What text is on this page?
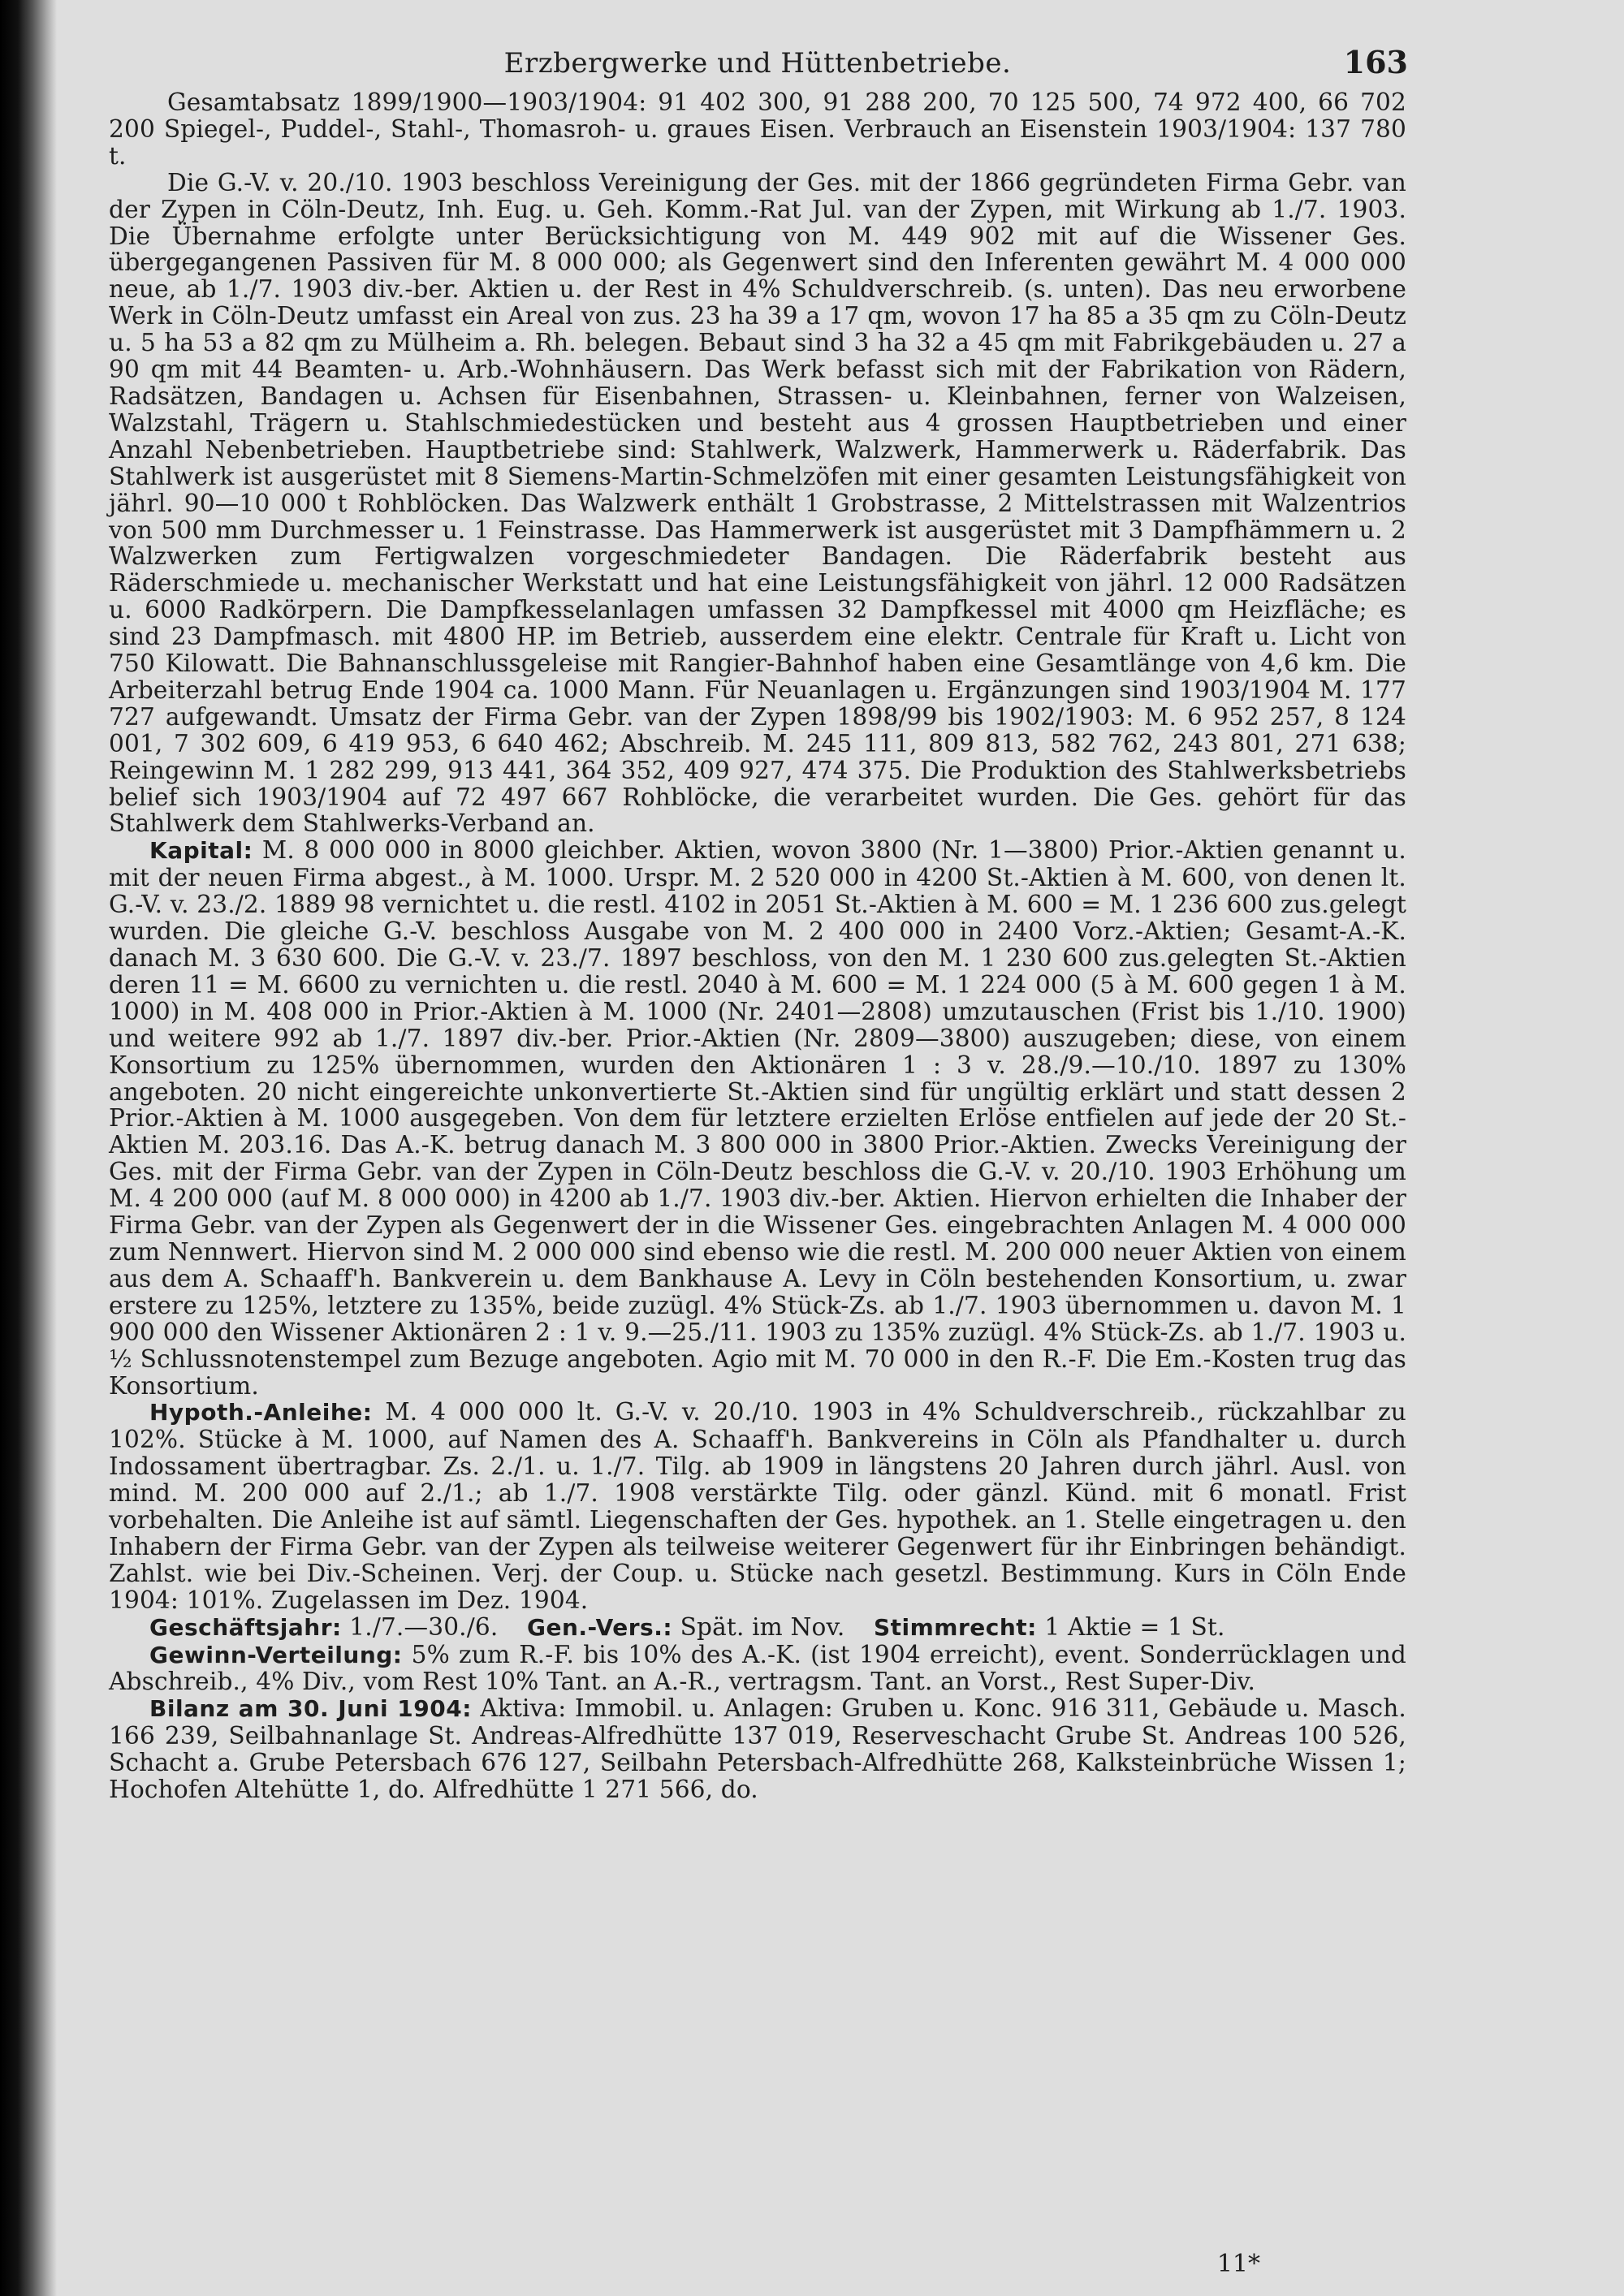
Erzbergwerke und Hüttenbetriebe.	163

Gesamtabsatz 1899/1900—1903/1904: 91 402 300, 91 288 200, 70 125 500, 74 972 400, 66 702 200 Spiegel-, Puddel-, Stahl-, Thomasroh- u. graues Eisen. Verbrauch an Eisenstein 1903/1904: 137 780 t.

Die G.-V. v. 20./10. 1903 beschloss Vereinigung der Ges. mit der 1866 gegründeten Firma Gebr. van der Zypen in Cöln-Deutz, Inh. Eug. u. Geh. Komm.-Rat Jul. van der Zypen, mit Wirkung ab 1./7. 1903. Die Übernahme erfolgte unter Berücksichtigung von M. 449 902 mit auf die Wissener Ges. übergegangenen Passiven für M. 8 000 000; als Gegenwert sind den Inferenten gewährt M. 4 000 000 neue, ab 1./7. 1903 div.-ber. Aktien u. der Rest in 4% Schuldverschreib. (s. unten). Das neu erworbene Werk in Cöln-Deutz umfasst ein Areal von zus. 23 ha 39 a 17 qm, wovon 17 ha 85 a 35 qm zu Cöln-Deutz u. 5 ha 53 a 82 qm zu Mülheim a. Rh. belegen. Bebaut sind 3 ha 32 a 45 qm mit Fabrikgebäuden u. 27 a 90 qm mit 44 Beamten- u. Arb.-Wohnhäusern. Das Werk befasst sich mit der Fabrikation von Rädern, Radsätzen, Bandagen u. Achsen für Eisenbahnen, Strassen- u. Kleinbahnen, ferner von Walzeisen, Walzstahl, Trägern u. Stahlschmiedestücken und besteht aus 4 grossen Hauptbetrieben und einer Anzahl Nebenbetrieben. Hauptbetriebe sind: Stahlwerk, Walzwerk, Hammerwerk u. Räderfabrik. Das Stahlwerk ist ausgerüstet mit 8 Siemens-Martin-Schmelzöfen mit einer gesamten Leistungsfähigkeit von jährl. 90—10 000 t Rohblöcken. Das Walzwerk enthält 1 Grobstrasse, 2 Mittelstrassen mit Walzentrios von 500 mm Durchmesser u. 1 Feinstrasse. Das Hammerwerk ist ausgerüstet mit 3 Dampfhämmern u. 2 Walzwerken zum Fertigwalzen vorgeschmiedeter Bandagen. Die Räderfabrik besteht aus Räderschmiede u. mechanischer Werkstatt und hat eine Leistungsfähigkeit von jährl. 12 000 Radsätzen u. 6000 Radkörpern. Die Dampfkesselanlagen umfassen 32 Dampfkessel mit 4000 qm Heizfläche; es sind 23 Dampfmasch. mit 4800 HP. im Betrieb, ausserdem eine elektr. Centrale für Kraft u. Licht von 750 Kilowatt. Die Bahnanschlussgeleise mit Rangier-Bahnhof haben eine Gesamtlänge von 4,6 km. Die Arbeiterzahl betrug Ende 1904 ca. 1000 Mann. Für Neuanlagen u. Ergänzungen sind 1903/1904 M. 177 727 aufgewandt. Umsatz der Firma Gebr. van der Zypen 1898/99 bis 1902/1903: M. 6 952 257, 8 124 001, 7 302 609, 6 419 953, 6 640 462; Abschreib. M. 245 111, 809 813, 582 762, 243 801, 271 638; Reingewinn M. 1 282 299, 913 441, 364 352, 409 927, 474 375. Die Produktion des Stahlwerksbetriebs belief sich 1903/1904 auf 72 497 667 Rohblöcke, die verarbeitet wurden. Die Ges. gehört für das Stahlwerk dem Stahlwerks-Verband an.

Kapital: M. 8 000 000 in 8000 gleichber. Aktien, wovon 3800 (Nr. 1—3800) Prior.-Aktien genannt u. mit der neuen Firma abgest., à M. 1000. Urspr. M. 2 520 000 in 4200 St.-Aktien à M. 600, von denen lt. G.-V. v. 23./2. 1889 98 vernichtet u. die restl. 4102 in 2051 St.-Aktien à M. 600 = M. 1 236 600 zus.gelegt wurden. Die gleiche G.-V. beschloss Ausgabe von M. 2 400 000 in 2400 Vorz.-Aktien; Gesamt-A.-K. danach M. 3 630 600. Die G.-V. v. 23./7. 1897 beschloss, von den M. 1 230 600 zus.gelegten St.-Aktien deren 11 = M. 6600 zu vernichten u. die restl. 2040 à M. 600 = M. 1 224 000 (5 à M. 600 gegen 1 à M. 1000) in M. 408 000 in Prior.-Aktien à M. 1000 (Nr. 2401—2808) umzutauschen (Frist bis 1./10. 1900) und weitere 992 ab 1./7. 1897 div.-ber. Prior.-Aktien (Nr. 2809—3800) auszugeben; diese, von einem Konsortium zu 125% übernommen, wurden den Aktionären 1 : 3 v. 28./9.—10./10. 1897 zu 130% angeboten. 20 nicht eingereichte unkonvertierte St.-Aktien sind für ungültig erklärt und statt dessen 2 Prior.-Aktien à M. 1000 ausgegeben. Von dem für letztere erzielten Erlöse entfielen auf jede der 20 St.-Aktien M. 203.16. Das A.-K. betrug danach M. 3 800 000 in 3800 Prior.-Aktien. Zwecks Vereinigung der Ges. mit der Firma Gebr. van der Zypen in Cöln-Deutz beschloss die G.-V. v. 20./10. 1903 Erhöhung um M. 4 200 000 (auf M. 8 000 000) in 4200 ab 1./7. 1903 div.-ber. Aktien. Hiervon erhielten die Inhaber der Firma Gebr. van der Zypen als Gegenwert der in die Wissener Ges. eingebrachten Anlagen M. 4 000 000 zum Nennwert. Hiervon sind M. 2 000 000 sind ebenso wie die restl. M. 200 000 neuer Aktien von einem aus dem A. Schaaff'h. Bankverein u. dem Bankhause A. Levy in Cöln bestehenden Konsortium, u. zwar erstere zu 125%, letztere zu 135%, beide zuzügl. 4% Stück-Zs. ab 1./7. 1903 übernommen u. davon M. 1 900 000 den Wissener Aktionären 2 : 1 v. 9.—25./11. 1903 zu 135% zuzügl. 4% Stück-Zs. ab 1./7. 1903 u. ½ Schlussnotenstempel zum Bezuge angeboten. Agio mit M. 70 000 in den R.-F. Die Em.-Kosten trug das Konsortium.

Hypoth.-Anleihe: M. 4 000 000 lt. G.-V. v. 20./10. 1903 in 4% Schuldverschreib., rückzahlbar zu 102%. Stücke à M. 1000, auf Namen des A. Schaaff'h. Bankvereins in Cöln als Pfandhalter u. durch Indossament übertragbar. Zs. 2./1. u. 1./7. Tilg. ab 1909 in längstens 20 Jahren durch jährl. Ausl. von mind. M. 200 000 auf 2./1.; ab 1./7. 1908 verstärkte Tilg. oder gänzl. Künd. mit 6 monatl. Frist vorbehalten. Die Anleihe ist auf sämtl. Liegenschaften der Ges. hypothek. an 1. Stelle eingetragen u. den Inhabern der Firma Gebr. van der Zypen als teilweise weiterer Gegenwert für ihr Einbringen behändigt. Zahlst. wie bei Div.-Scheinen. Verj. der Coup. u. Stücke nach gesetzl. Bestimmung. Kurs in Cöln Ende 1904: 101%. Zugelassen im Dez. 1904.

Geschäftsjahr: 1./7.—30./6. Gen.-Vers.: Spät. im Nov. Stimmrecht: 1 Aktie = 1 St.

Gewinn-Verteilung: 5% zum R.-F. bis 10% des A.-K. (ist 1904 erreicht), event. Sonderrücklagen und Abschreib., 4% Div., vom Rest 10% Tant. an A.-R., vertragsm. Tant. an Vorst., Rest Super-Div.

Bilanz am 30. Juni 1904: Aktiva: Immobil. u. Anlagen: Gruben u. Konc. 916 311, Gebäude u. Masch. 166 239, Seilbahnanlage St. Andreas-Alfredhütte 137 019, Reserveschacht Grube St. Andreas 100 526, Schacht a. Grube Petersbach 676 127, Seilbahn Petersbach-Alfredhütte 268, Kalksteinbrüche Wissen 1; Hochofen Altehütte 1, do. Alfredhütte 1 271 566, do.

11*
